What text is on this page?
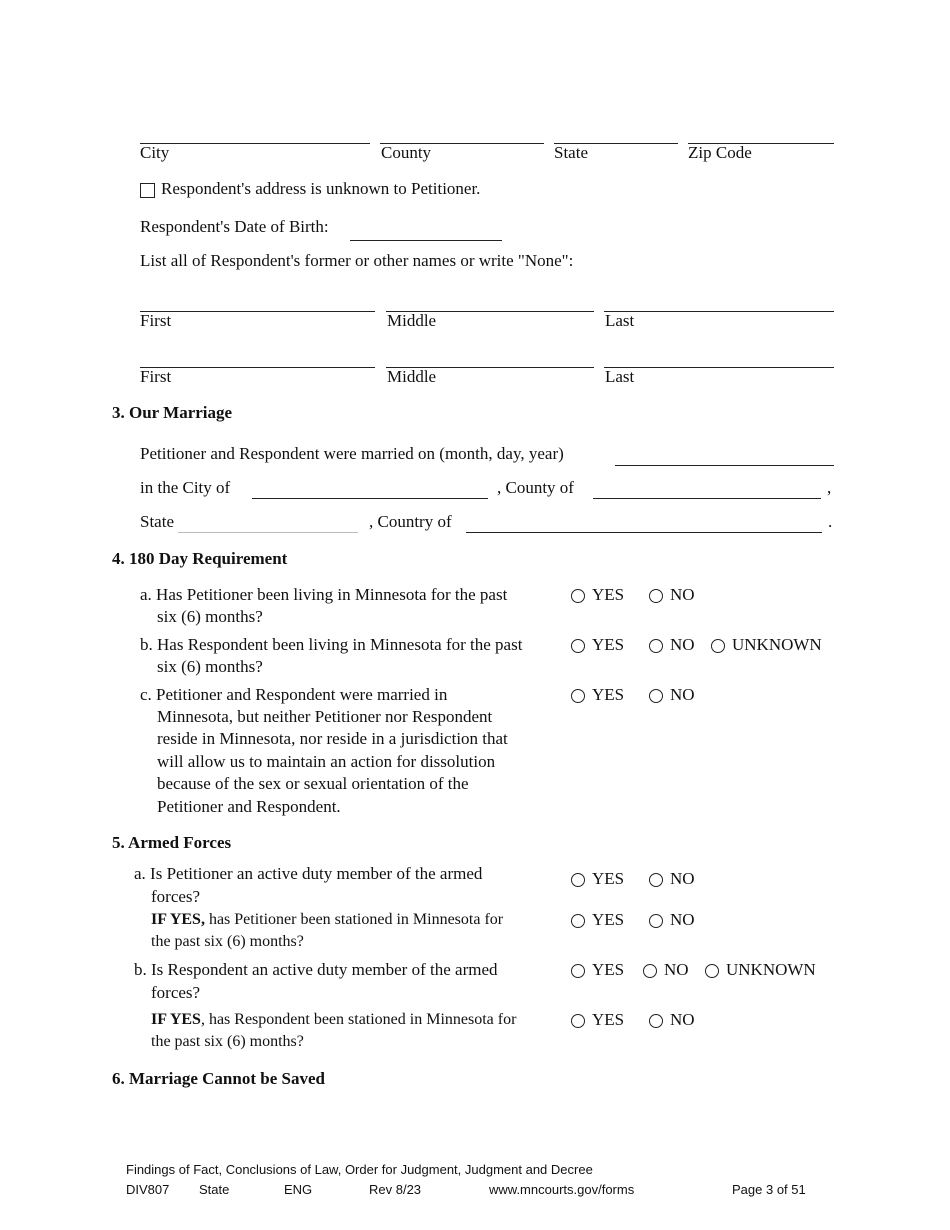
City	County	State	Zip Code
Respondent's address is unknown to Petitioner.
Respondent's Date of Birth:
List all of Respondent's former or other names or write "None":
First	Middle	Last
First	Middle	Last
3. Our Marriage
Petitioner and Respondent were married on (month, day, year)
in the City of	, County of	,
State	, Country of	.
4. 180 Day Requirement
a. Has Petitioner been living in Minnesota for the past
six (6) months?
YES	NO
b. Has Respondent been living in Minnesota for the past
six (6) months?
YES	NO UNKNOWN
c. Petitioner and Respondent were married in
Minnesota, but neither Petitioner nor Respondent
reside in Minnesota, nor reside in a jurisdiction that
will allow us to maintain an action for dissolution
because of the sex or sexual orientation of the
Petitioner and Respondent.
YES	NO
5. Armed Forces
a. Is Petitioner an active duty member of the armed
forces?
YES	NO
IF YES, has Petitioner been stationed in Minnesota for
the past six (6) months?
YES	NO
b. Is Respondent an active duty member of the armed
forces?
YES NO UNKNOWN
IF YES, has Respondent been stationed in Minnesota for
the past six (6) months?
YES	NO
6. Marriage Cannot be Saved
Findings of Fact, Conclusions of Law, Order for Judgment, Judgment and Decree
DIV807 State	ENG	Rev 8/23	www.mncourts.gov/forms	Page 3 of 51
